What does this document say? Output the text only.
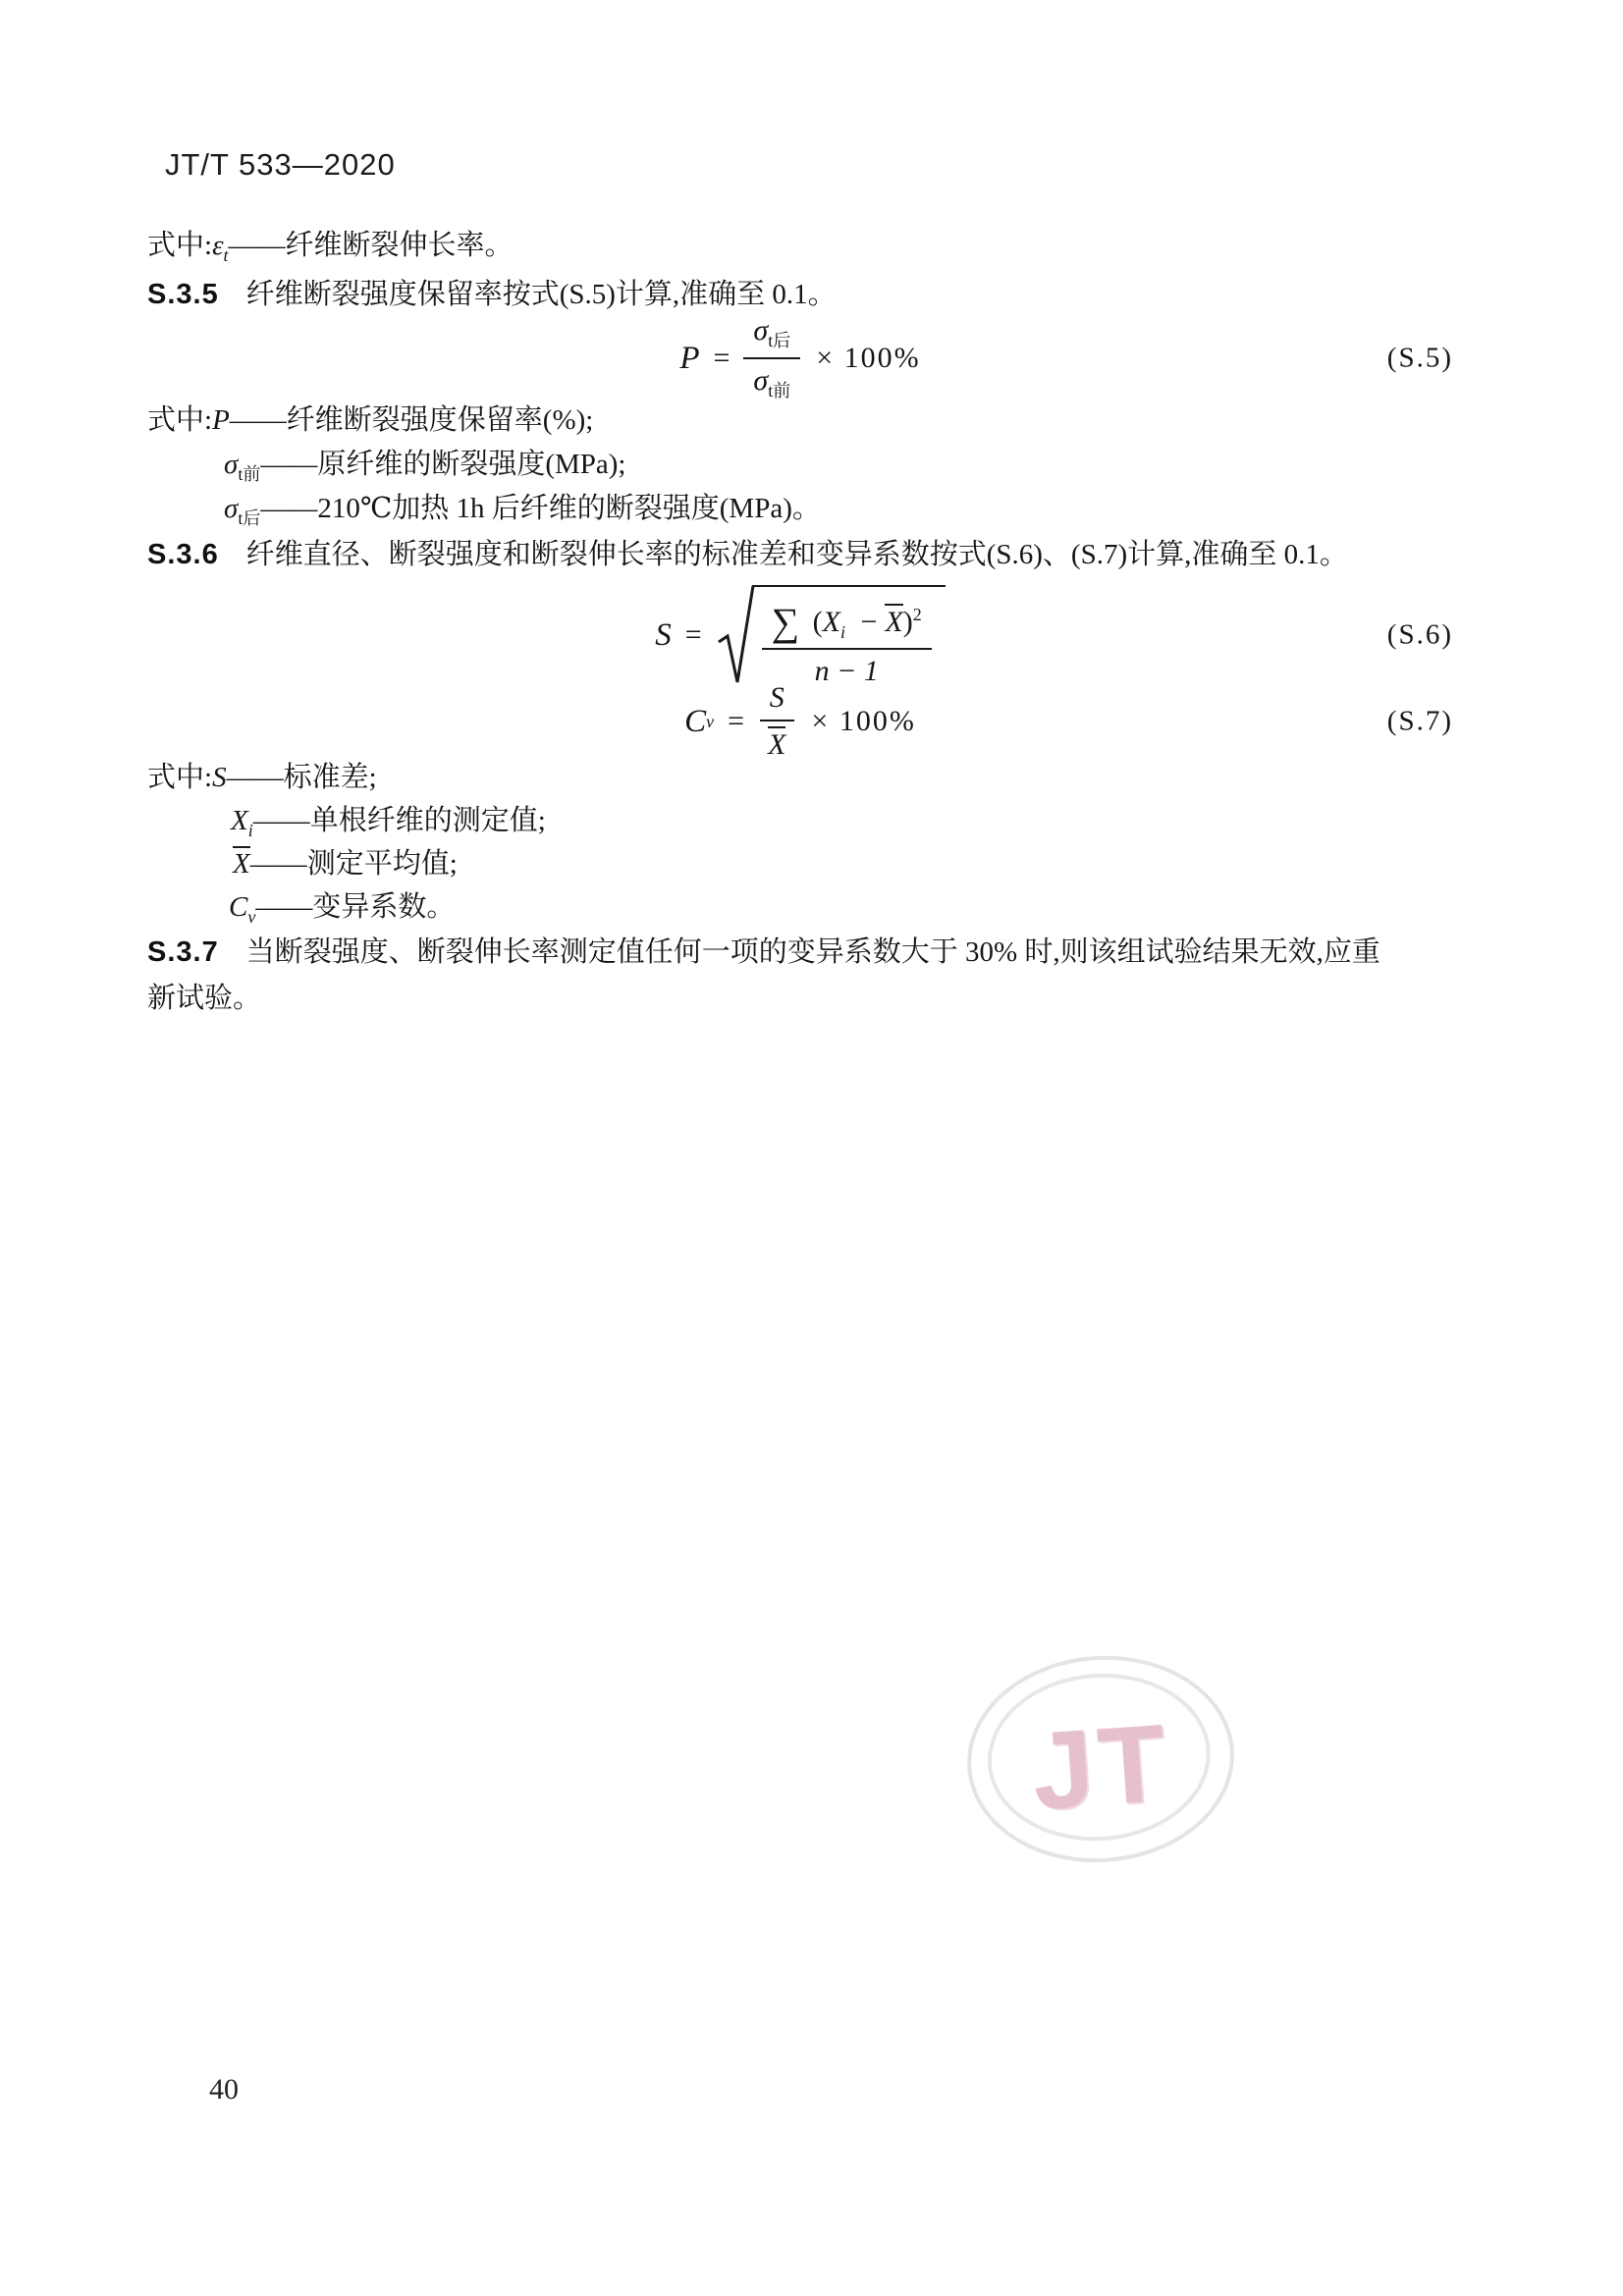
JT/T 533—2020
式中$:\varepsilon_t——$纤维断裂伸长率。
S.3.5 纤维断裂强度保留率按式(S.5)计算,准确至 0.1。
$P = \frac{\sigma_{t后}}{\sigma_{t前}} \times 100\%$	(S.5)
式中:P——纤维断裂强度保留率(%);
$\sigma_{t前}——$原纤维的断裂强度(MPa);
$\sigma_{t后}——210℃$加热 1h 后纤维的断裂强度(MPa)。
S.3.6 纤维直径、断裂强度和断裂伸长率的标准差和变异系数按式(S.6)、(S.7)计算,准确至 0.1。
$S = \frac{\sum (X_i - X)^2}{n - 1}$	(S.6)
C $v = \frac{S}{X} \times 100\%$	(S.7)
式中:S——标准差;
$X_i——$单根纤维的测定值;
X——测定平均值;
$C_v——$变异系数。
S.3.7 当断裂强度、断裂伸长率测定值任何一项的变异系数大于 30% 时,则该组试验结果无效,应重
新试验。
JT
40
